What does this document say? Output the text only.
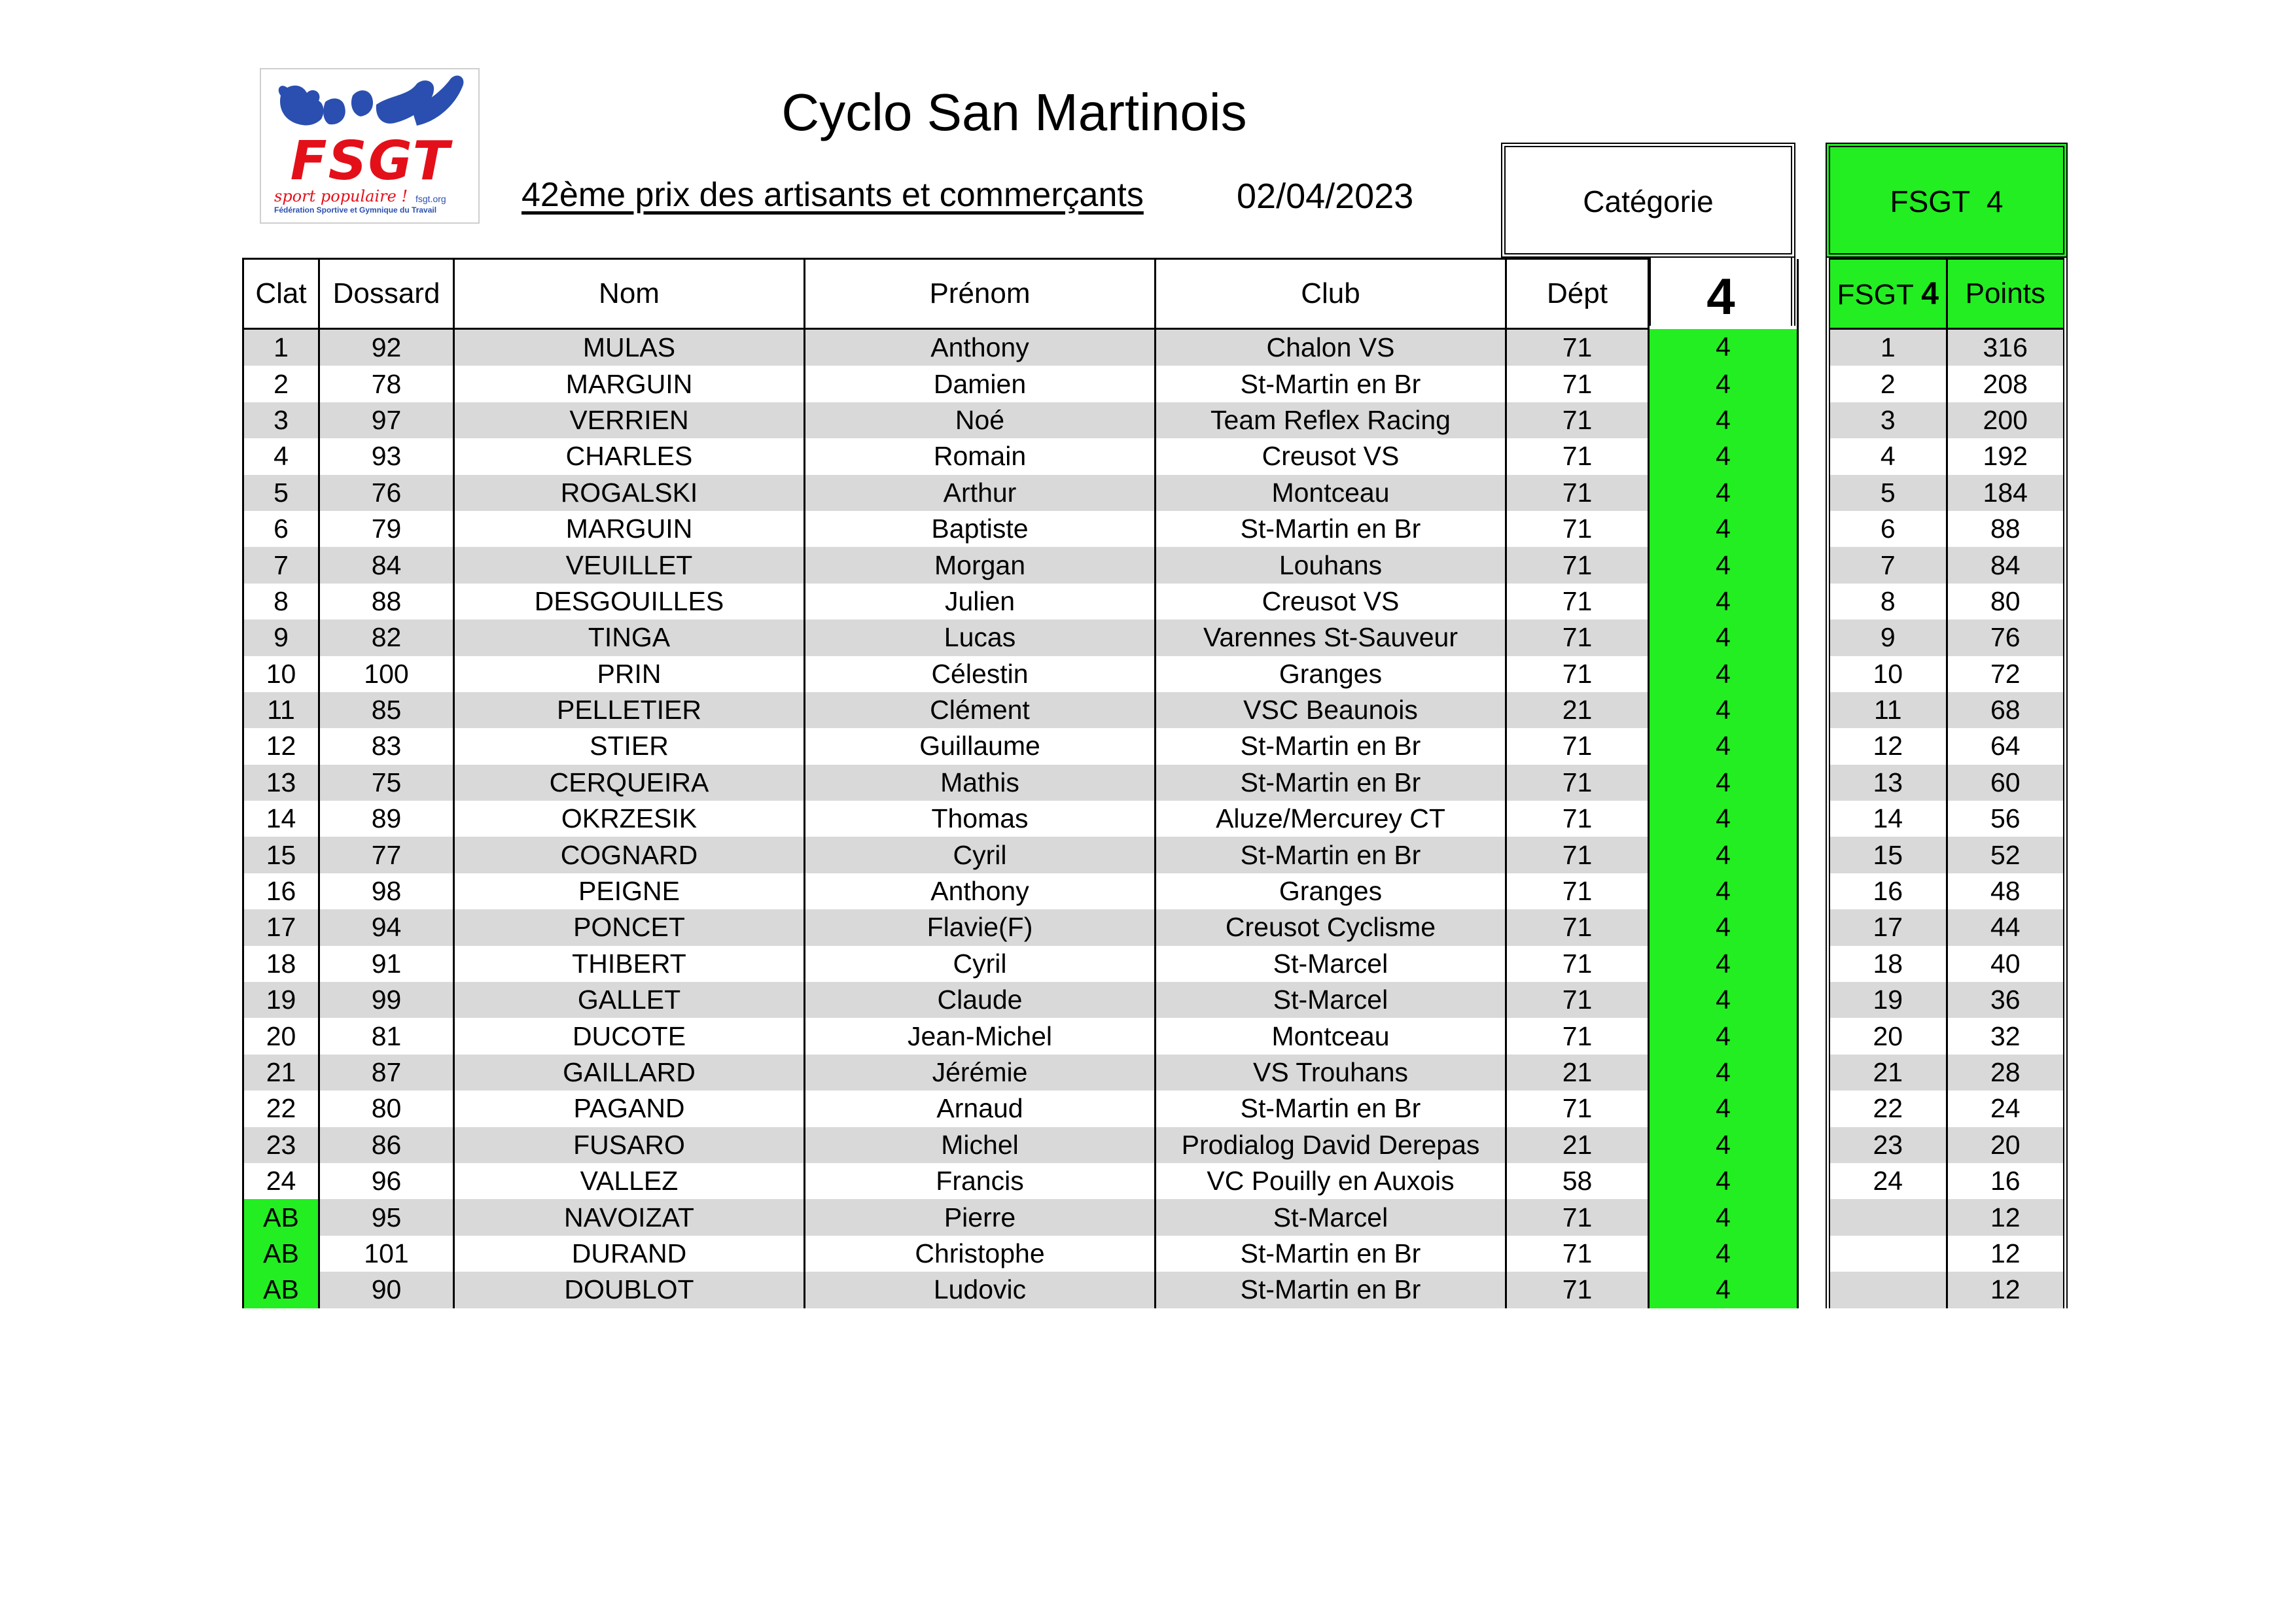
FSGT
sport populaire ! fsgt.org
Fédération Sportive et Gymnique du Travail
Cyclo San Martinois
42ème prix des artisants et commerçants	02/04/2023	Catégorie
4
FSGT  4
Clat	Dossard	Nom	Prénom	Club	Dépt	
1	92	MULAS	Anthony	Chalon VS	71	4
2	78	MARGUIN	Damien	St-Martin en Br	71	4
3	97	VERRIEN	Noé	Team Reflex Racing	71	4
4	93	CHARLES	Romain	Creusot VS	71	4
5	76	ROGALSKI	Arthur	Montceau	71	4
6	79	MARGUIN	Baptiste	St-Martin en Br	71	4
7	84	VEUILLET	Morgan	Louhans	71	4
8	88	DESGOUILLES	Julien	Creusot VS	71	4
9	82	TINGA	Lucas	Varennes St-Sauveur	71	4
10	100	PRIN	Célestin	Granges	71	4
11	85	PELLETIER	Clément	VSC Beaunois	21	4
12	83	STIER	Guillaume	St-Martin en Br	71	4
13	75	CERQUEIRA	Mathis	St-Martin en Br	71	4
14	89	OKRZESIK	Thomas	Aluze/Mercurey CT	71	4
15	77	COGNARD	Cyril	St-Martin en Br	71	4
16	98	PEIGNE	Anthony	Granges	71	4
17	94	PONCET	Flavie(F)	Creusot Cyclisme	71	4
18	91	THIBERT	Cyril	St-Marcel	71	4
19	99	GALLET	Claude	St-Marcel	71	4
20	81	DUCOTE	Jean-Michel	Montceau	71	4
21	87	GAILLARD	Jérémie	VS Trouhans	21	4
22	80	PAGAND	Arnaud	St-Martin en Br	71	4
23	86	FUSARO	Michel	Prodialog David Derepas	21	4
24	96	VALLEZ	Francis	VC Pouilly en Auxois	58	4
AB	95	NAVOIZAT	Pierre	St-Marcel	71	4
AB	101	DURAND	Christophe	St-Martin en Br	71	4
AB	90	DOUBLOT	Ludovic	St-Martin en Br	71	4
FSGT 4	Points
1	316
2	208
3	200
4	192
5	184
6	88
7	84
8	80
9	76
10	72
11	68
12	64
13	60
14	56
15	52
16	48
17	44
18	40
19	36
20	32
21	28
22	24
23	20
24	16
	12
	12
	12
